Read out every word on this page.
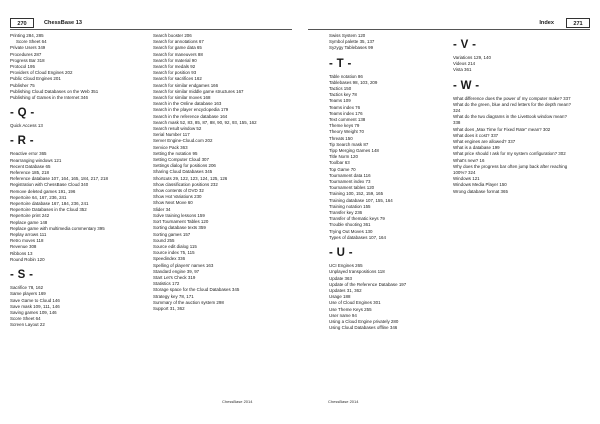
270	ChessBase 13
Printing 284, 285
Score Sheet 64
Private Users 349
Procedures 287
Progress Bar 318
Protocol 195
Providers of Cloud Engines 202
Public Cloud Engines 201
Publisher 75
Publishing Cloud Databases on the Web 351
Publishing of Games in the Internet 346
- Q -
Quick Access 13
- R -
Reactive error 365
Rearranging windows 121
Recent Database 65
Reference 185, 218
Reference database 107, 164, 165, 184, 217, 218
Registration with ChessBase Cloud 340
Remove deleted games 191, 196
Repertoire 64, 167, 236, 241
Repertoire database 167, 184, 236, 241
Repertoire Databases in the Cloud 352
Repertoire print 242
Replace game 148
Replace game with multimedia commentary 395
Replay arrows 111
Retro moves 118
Revenue 308
Ribbons 13
Round Robin 120
- S -
Sacrifice 78, 162
Same players 169
Save Game to Cloud 146
Save mask 109, 111, 146
Saving games 109, 146
Score Sheet 64
Screen Layout 22
Search booster 206
Search for annotations 67
Search for game data 65
Search for maneuvers 88
Search for material 90
Search for medals 92
Search for position 93
Search for sacrifices 162
Search for similar endgames 166
Search for similar middle game structures 167
Search for similar moves 168
Search in the Online database 163
Search in the player encyclopedia 179
Search in the reference database 164
Search mask 52, 83, 85, 87, 88, 90, 92, 93, 155, 162
Search result window 52
Serial Number 117
Server Engine-Cloud.com 202
Service Pack 363
Setting the notation 95
Setting Computer Cloud 307
Settings dialog for positions 206
Sharing Cloud Databases 345
Shortcuts 29, 122, 123, 124, 125, 126
Show classification positions 232
Show contents of DVD 32
Show Hot Variations 230
Show Next Move 60
Slider 34
Solve training lessons 159
Sort Tournament Tables 120
Sorting database texts 359
Sorting games 157
Sound 255
Source edit dialog 115
Source index 75, 115
Speedindex 336
Spelling of players' names 163
Standard engine 39, 97
Start Let's Check 319
Statistics 172
Storage space for the Cloud Databases 345
Strategy key 78, 171
Summary of the auction system 298
Support 31, 362
ChessBase 2014
Index	271
Swiss System 120
Symbol palette 35, 137
Syzygy Tablebases 99
- T -
Table notation 86
Tablebases 98, 103, 209
Tactics 150
Tactics key 78
Teams 109
Teams index 76
Teams index 176
Text comment 138
Theme keys 79
Theory Weight 70
Threats 150
Tip Search mask 87
Tipp Merging Games 148
Title Norm 120
Toolbar 63
Top Game 70
Tournament data 116
Tournament index 73
Tournament tables 120
Training 100, 152, 159, 165
Training database 107, 155, 164
Training notation 155
Transfer key 236
Transfer of thematic keys 79
Trouble shooting 361
Trying Out Moves 130
Types of databases 107, 164
- U -
UCI Engines 265
Unplayed transpositions 118
Update 363
Update of the Reference Database 197
Updates 31, 362
Usage 188
Use of Cloud Engines 301
Use Theme Keys 255
User name 94
Using a Cloud Engine privately 280
Using Cloud Databases offline 346
- V -
Variations 129, 140
Videos 214
Vista 361
- W -
What difference does the power of my computer make? 337
What do the green, blue and red letters for the depth mean? 324
What do the two diagrams in the LiveBook window mean? 338
What does „Max Time for Fixed Rate" mean? 302
What does it cost? 337
What engines are allowed? 337
What is a database 199
What price should I ask for my system configuration? 302
What's new? 16
Why does the progress bar often jump back after reaching 100%? 324
Windows 121
Windows Media Player 150
Wrong database format 365
ChessBase 2014
